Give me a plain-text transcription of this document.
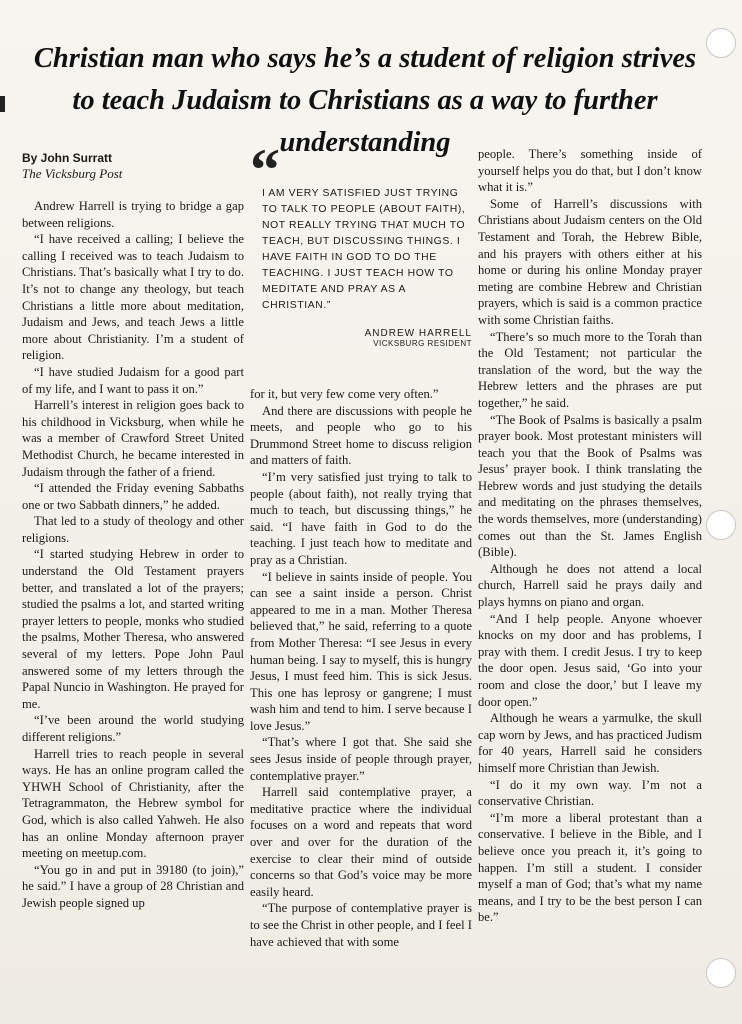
Christian man who says he’s a student of religion strives to teach Judaism to Christians as a way to further understanding
By John Surratt
The Vicksburg Post	“
I AM VERY SATISFIED JUST TRYING TO TALK TO PEOPLE (ABOUT FAITH), NOT REALLY TRYING THAT MUCH TO TEACH, BUT DISCUSSING THINGS. I HAVE FAITH IN GOD TO DO THE TEACHING. I JUST TEACH HOW TO MEDITATE AND PRAY AS A CHRISTIAN.”
ANDREW HARRELL
VICKSBURG RESIDENT

Andrew Harrell is trying to bridge a gap between religions.

“I have received a calling; I believe the calling I received was to teach Judaism to Christians. That’s basically what I try to do. It’s not to change any theology, but teach Christians a little more about meditation, Judaism and Jews, and teach Jews a little more about Christianity. I’m a student of religion.

“I have studied Judaism for a good part of my life, and I want to pass it on.”

Harrell’s interest in religion goes back to his childhood in Vicksburg, when while he was a member of Crawford Street United Methodist Church, he became interested in Judaism through the father of a friend.

“I attended the Friday evening Sabbaths one or two Sabbath dinners,” he added.

That led to a study of theology and other religions.

“I started studying Hebrew in order to understand the Old Testament prayers better, and translated a lot of the prayers; studied the psalms a lot, and started writing prayer letters to people, monks who studied the psalms, Mother Theresa, who answered several of my letters. Pope John Paul answered some of my letters through the Papal Nuncio in Washington. He prayed for me.

“I’ve been around the world studying different religions.”

Harrell tries to reach people in several ways. He has an online program called the YHWH School of Christianity, after the Tetragrammaton, the Hebrew symbol for God, which is also called Yahweh. He also has an online Monday afternoon prayer meeting on meetup.com.

“You go in and put in 39180 (to join),” he said.” I have a group of 28 Christian and Jewish people signed up

for it, but very few come very often.”

And there are discussions with people he meets, and people who go to his Drummond Street home to discuss religion and matters of faith.

“I’m very satisfied just trying to talk to people (about faith), not really trying that much to teach, but discussing things,” he said. “I have faith in God to do the teaching. I just teach how to meditate and pray as a Christian.

“I believe in saints inside of people. You can see a saint inside a person. Christ appeared to me in a man. Mother Theresa believed that,” he said, referring to a quote from Mother Theresa: “I see Jesus in every human being. I say to myself, this is hungry Jesus, I must feed him. This is sick Jesus. This one has leprosy or gangrene; I must wash him and tend to him. I serve because I love Jesus.”

“That’s where I got that. She said she sees Jesus inside of people through prayer, contemplative prayer.”

Harrell said contemplative prayer, a meditative practice where the individual focuses on a word and repeats that word over and over for the duration of the exercise to clear their mind of outside concerns so that God’s voice may be more easily heard.

“The purpose of contemplative prayer is to see the Christ in other people, and I feel I have achieved that with some

people. There’s something inside of yourself helps you do that, but I don’t know what it is.”

Some of Harrell’s discussions with Christians about Judaism centers on the Old Testament and Torah, the Hebrew Bible, and his prayers with others either at his home or during his online Monday prayer meting are combine Hebrew and Christian prayers, which is said is a common practice with some Christian faiths.

“There’s so much more to the Torah than the Old Testament; not particular the translation of the word, but the way the Hebrew letters and the phrases are put together,” he said.

“The Book of Psalms is basically a psalm prayer book. Most protestant ministers will teach you that the Book of Psalms was Jesus’ prayer book. I think translating the Hebrew words and just studying the details and meditating on the phrases themselves, the words themselves, more (understanding) comes out than the St. James English (Bible).

Although he does not attend a local church, Harrell said he prays daily and plays hymns on piano and organ.

“And I help people. Anyone whoever knocks on my door and has problems, I pray with them. I credit Jesus. I try to keep the door open. Jesus said, ‘Go into your room and close the door,’ but I leave my door open.”

Although he wears a yarmulke, the skull cap worn by Jews, and has practiced Judism for 40 years, Harrell said he considers himself more Christian than Jewish.

“I do it my own way. I’m not a conservative Christian.

“I’m more a liberal protestant than a conservative. I believe in the Bible, and I believe once you preach it, it’s going to happen. I’m still a student. I consider myself a man of God; that’s what my name means, and I try to be the best person I can be.”
